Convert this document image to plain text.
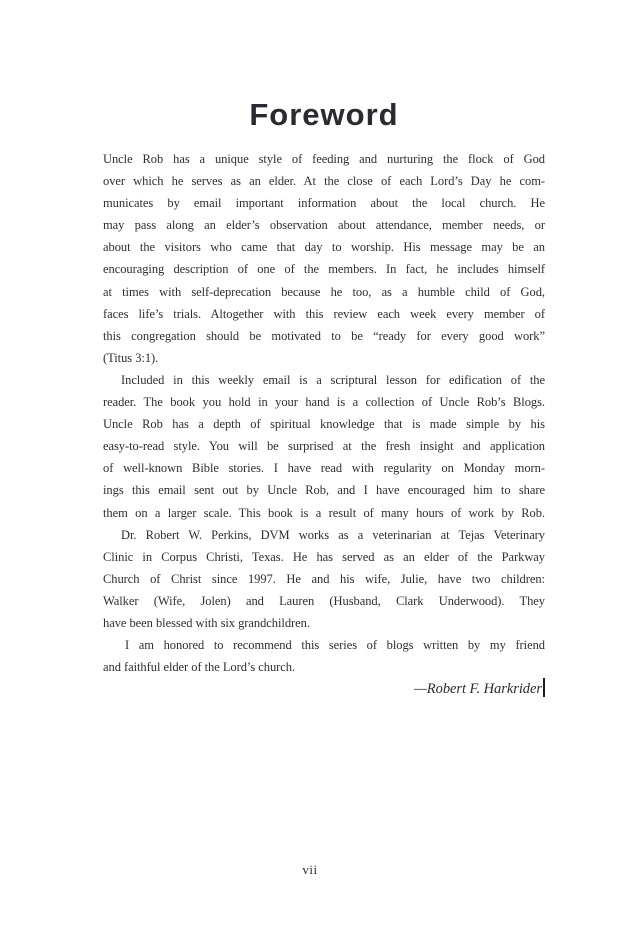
Foreword
Uncle Rob has a unique style of feeding and nurturing the flock of God
over which he serves as an elder. At the close of each Lord’s Day he com-
municates by email important information about the local church. He
may pass along an elder’s observation about attendance, member needs, or
about the visitors who came that day to worship. His message may be an
encouraging description of one of the members. In fact, he includes himself
at times with self-deprecation because he too, as a humble child of God,
faces life’s trials. Altogether with this review each week every member of
this congregation should be motivated to be “ready for every good work”
(Titus 3:1).
Included in this weekly email is a scriptural lesson for edification of the
reader. The book you hold in your hand is a collection of Uncle Rob’s Blogs.
Uncle Rob has a depth of spiritual knowledge that is made simple by his
easy-to-read style. You will be surprised at the fresh insight and application
of well-known Bible stories. I have read with regularity on Monday morn-
ings this email sent out by Uncle Rob, and I have encouraged him to share
them on a larger scale. This book is a result of many hours of work by Rob.
Dr. Robert W. Perkins, DVM works as a veterinarian at Tejas Veterinary
Clinic in Corpus Christi, Texas. He has served as an elder of the Parkway
Church of Christ since 1997. He and his wife, Julie, have two children:
Walker (Wife, Jolen) and Lauren (Husband, Clark Underwood). They
have been blessed with six grandchildren.
I am honored to recommend this series of blogs written by my friend
and faithful elder of the Lord’s church.
—Robert F. Harkrider
vii
